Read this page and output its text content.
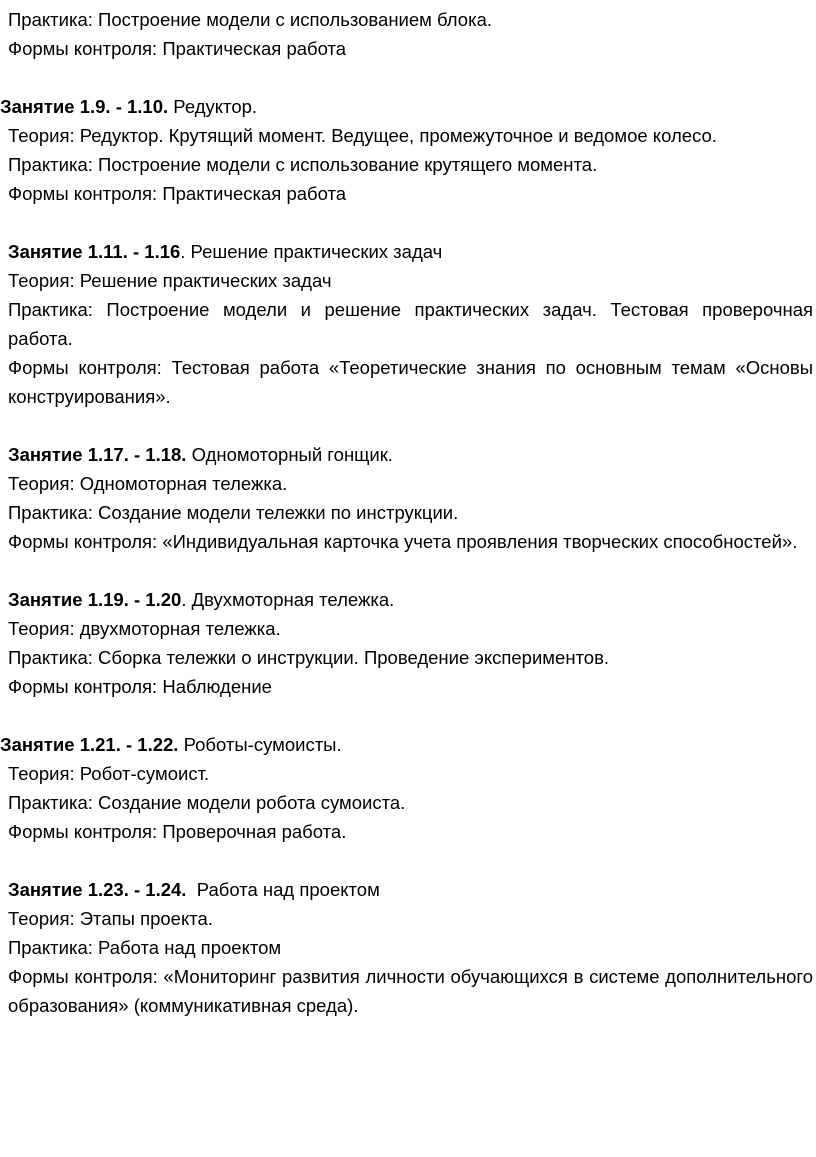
Практика: Построение модели с использованием блока.

Формы контроля: Практическая работа

Занятие 1.9. - 1.10. Редуктор.

Теория: Редуктор. Крутящий момент. Ведущее, промежуточное и ведомое колесо.

Практика: Построение модели с использование крутящего момента.

Формы контроля: Практическая работа

Занятие 1.11. - 1.16. Решение практических задач

Теория: Решение практических задач

Практика: Построение модели и решение практических задач. Тестовая проверочная работа.

Формы контроля: Тестовая работа «Теоретические знания по основным темам «Основы конструирования».

Занятие 1.17. - 1.18. Одномоторный гонщик.

Теория: Одномоторная тележка.

Практика: Создание модели тележки по инструкции.

Формы контроля: «Индивидуальная карточка учета проявления творческих способностей».

Занятие 1.19. - 1.20. Двухмоторная тележка.

Теория: двухмоторная тележка.

Практика: Сборка тележки о инструкции. Проведение экспериментов.

Формы контроля: Наблюдение

Занятие 1.21. - 1.22. Роботы-сумоисты.

Теория: Робот-сумоист.

Практика: Создание модели робота сумоиста.

Формы контроля: Проверочная работа.

Занятие 1.23. - 1.24.  Работа над проектом

Теория: Этапы проекта.

Практика: Работа над проектом

Формы контроля: «Мониторинг развития личности обучающихся в системе дополнительного образования» (коммуникативная среда).
